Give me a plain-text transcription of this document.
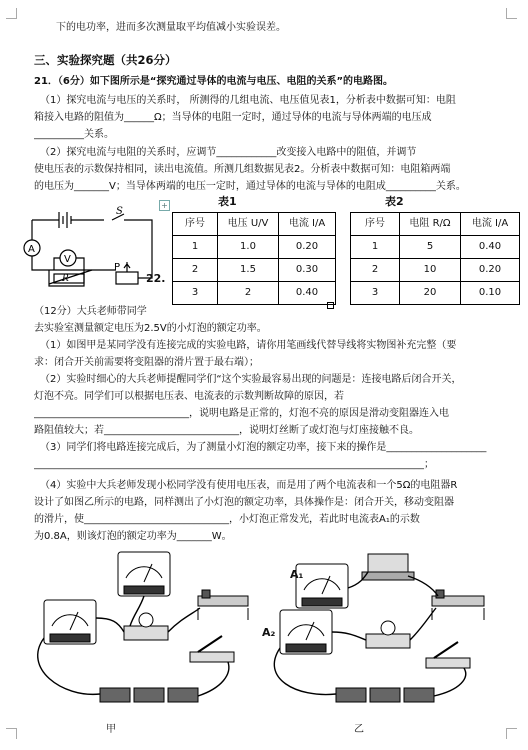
下的电功率，进而多次测量取平均值减小实验误差。
三、实验探究题（共26分）
21．（6分）如下图所示是“探究通过导体的电流与电压、电阻的关系”的电路图。
（1）探究电流与电压的关系时， 所测得的几组电流、电压值见表1，分析表中数据可知：电阻
箱接入电路的阻值为______Ω；当导体的电阻一定时，通过导体的电流与导体两端的电压成
__________关系。
（2）探究电流与电阻的关系时，应调节____________改变接入电路中的阻值，并调节
使电压表的示数保持相同，读出电流值。所测几组数据见表2。分析表中数据可知：电阻箱两端
的电压为_______V；当导体两端的电压一定时，通过导体的电流与导体的电阻成__________关系。
A
V
S
R
P
+	表1
序号	电压 U/V	电流 I/A
1	1.0	0.20
2	1.5	0.30
3	2	0.40
表2
序号	电阻 R/Ω	电流 I/A
1	5	0.40
2	10	0.20
3	20	0.10
22.
（12分）大兵老师带同学
去实验室测量额定电压为2.5V的小灯泡的额定功率。
（1）如图甲是某同学没有连接完成的实验电路，请你用笔画线代替导线将实物图补充完整（要
求：闭合开关前需要将变阻器的滑片置于最右端）；
（2）实验时细心的大兵老师提醒同学们“这个实验最容易出现的问题是：连接电路后闭合开关，
灯泡不亮。同学们可以根据电压表、电流表的示数判断故障的原因，若
_______________________________，说明电路是正常的，灯泡不亮的原因是滑动变阻器连入电
路阻值较大；若___________________________，说明灯丝断了或灯泡与灯座接触不良。
（3）同学们将电路连接完成后，为了测量小灯泡的额定功率，接下来的操作是____________________
______________________________________________________________________________；
（4）实验中大兵老师发现小松同学没有使用电压表，而是用了两个电流表和一个5Ω的电阻器R
设计了如图乙所示的电路，同样测出了小灯泡的额定功率，具体操作是：闭合开关，移动变阻器
的滑片，使_____________________________，小灯泡正常发光，若此时电流表A₁的示数
为0.8A，则该灯泡的额定功率为_______W。
甲
A₁
A₂
乙
